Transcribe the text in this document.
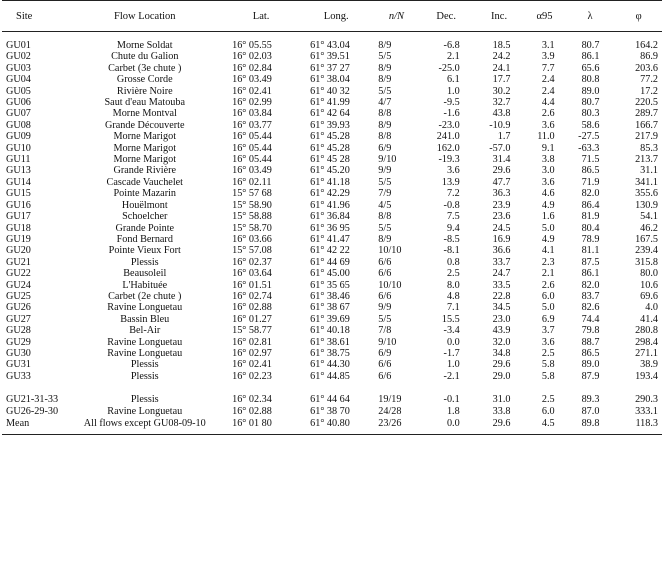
Site	Flow Location	Lat.	Long.	n/N	Dec.	Inc.	α95	λ	φ

GU01	Morne Soldat	16° 05.55	61° 43.04	8/9	-6.8	18.5	3.1	80.7	164.2
GU02	Chute du Galion	16° 02.03	61° 39.51	5/5	2.1	24.2	3.9	86.1	86.9
GU03	Carbet (3e chute )	16° 02.84	61° 37 27	8/9	-25.0	24.1	7.7	65.6	203.6
GU04	Grosse Corde	16° 03.49	61° 38.04	8/9	6.1	17.7	2.4	80.8	77.2
GU05	Rivière Noire	16° 02.41	61° 40 32	5/5	1.0	30.2	2.4	89.0	17.2
GU06	Saut d'eau Matouba	16° 02.99	61° 41.99	4/7	-9.5	32.7	4.4	80.7	220.5
GU07	Morne Montval	16° 03.84	61° 42 64	8/8	-1.6	43.8	2.6	80.3	289.7
GU08	Grande Découverte	16° 03.77	61° 39.93	8/9	-23.0	-10.9	3.6	58.6	166.7
GU09	Morne Marigot	16° 05.44	61° 45.28	8/8	241.0	1.7	11.0	-27.5	217.9
GU10	Morne Marigot	16° 05.44	61° 45.28	6/9	162.0	-57.0	9.1	-63.3	85.3
GU11	Morne Marigot	16° 05.44	61° 45 28	9/10	-19.3	31.4	3.8	71.5	213.7
GU13	Grande Rivière	16° 03.49	61° 45.20	9/9	3.6	29.6	3.0	86.5	31.1
GU14	Cascade Vauchelet	16° 02.11	61° 41.18	5/5	13.9	47.7	3.6	71.9	341.1
GU15	Pointe Mazarin	15° 57 68	61° 42.29	7/9	7.2	36.3	4.6	82.0	355.6
GU16	Houëlmont	15° 58.90	61° 41.96	4/5	-0.8	23.9	4.9	86.4	130.9
GU17	Schoelcher	15° 58.88	61° 36.84	8/8	7.5	23.6	1.6	81.9	54.1
GU18	Grande Pointe	15° 58.70	61° 36 95	5/5	9.4	24.5	5.0	80.4	46.2
GU19	Fond Bernard	16° 03.66	61° 41.47	8/9	-8.5	16.9	4.9	78.9	167.5
GU20	Pointe Vieux Fort	15° 57.08	61° 42 22	10/10	-8.1	36.6	4.1	81.1	239.4
GU21	Plessis	16° 02.37	61° 44 69	6/6	0.8	33.7	2.3	87.5	315.8
GU22	Beausoleil	16° 03.64	61° 45.00	6/6	2.5	24.7	2.1	86.1	80.0
GU24	L'Habituée	16° 01.51	61° 35 65	10/10	8.0	33.5	2.6	82.0	10.6
GU25	Carbet (2e chute )	16° 02.74	61° 38.46	6/6	4.8	22.8	6.0	83.7	69.6
GU26	Ravine Longuetau	16° 02.88	61° 38 67	9/9	7.1	34.5	5.0	82.6	4.0
GU27	Bassin Bleu	16° 01.27	61° 39.69	5/5	15.5	23.0	6.9	74.4	41.4
GU28	Bel-Air	15° 58.77	61° 40.18	7/8	-3.4	43.9	3.7	79.8	280.8
GU29	Ravine Longuetau	16° 02.81	61° 38.61	9/10	0.0	32.0	3.6	88.7	298.4
GU30	Ravine Longuetau	16° 02.97	61° 38.75	6/9	-1.7	34.8	2.5	86.5	271.1
GU31	Plessis	16° 02.41	61° 44.30	6/6	1.0	29.6	5.8	89.0	38.9
GU33	Plessis	16° 02.23	61° 44.85	6/6	-2.1	29.0	5.8	87.9	193.4

GU21-31-33	Plessis	16° 02.34	61° 44 64	19/19	-0.1	31.0	2.5	89.3	290.3
GU26-29-30	Ravine Longuetau	16° 02.88	61° 38 70	24/28	1.8	33.8	6.0	87.0	333.1
Mean	All flows except GU08-09-10	16° 01 80	61° 40.80	23/26	0.0	29.6	4.5	89.8	118.3
